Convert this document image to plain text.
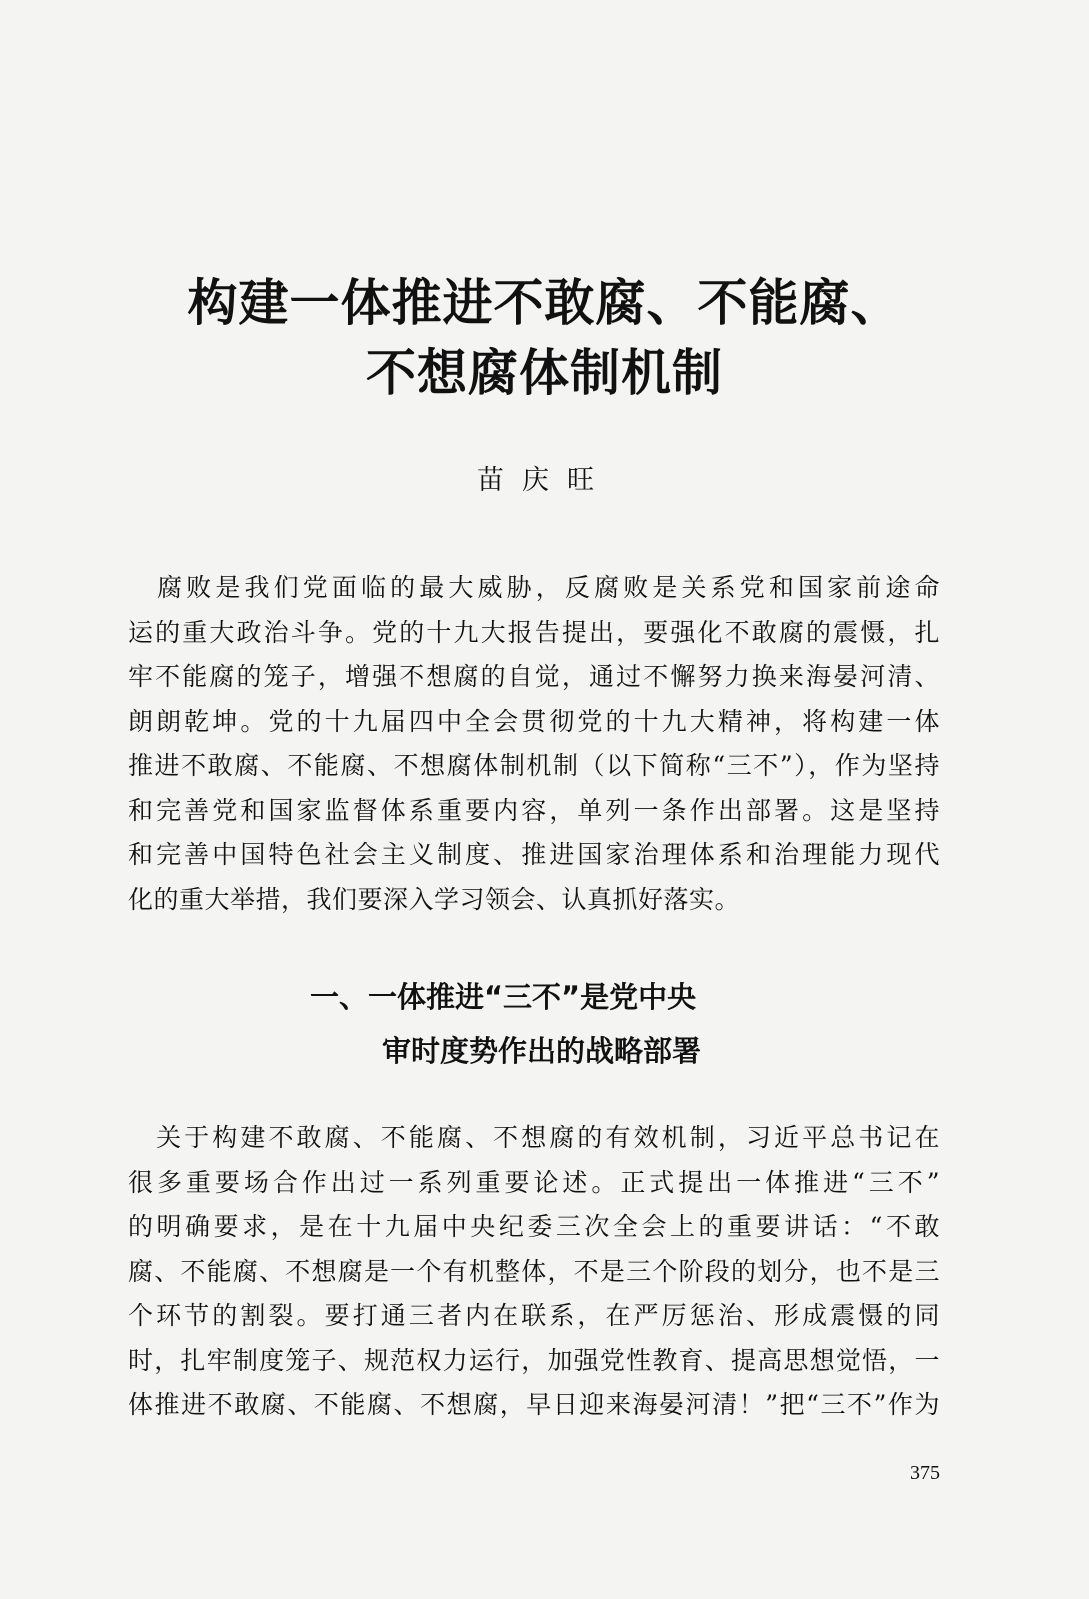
构建一体推进不敢腐、不能腐、
不想腐体制机制
苗庆旺
　腐败是我们党面临的最大威胁，反腐败是关系党和国家前途命
运的重大政治斗争。党的十九大报告提出，要强化不敢腐的震慑，扎
牢不能腐的笼子，增强不想腐的自觉，通过不懈努力换来海晏河清、
朗朗乾坤。党的十九届四中全会贯彻党的十九大精神，将构建一体
推进不敢腐、不能腐、不想腐体制机制（以下简称“三不”），作为坚持
和完善党和国家监督体系重要内容，单列一条作出部署。这是坚持
和完善中国特色社会主义制度、推进国家治理体系和治理能力现代
化的重大举措，我们要深入学习领会、认真抓好落实。
一、一体推进“三不”是党中央
审时度势作出的战略部署
　关于构建不敢腐、不能腐、不想腐的有效机制，习近平总书记在
很多重要场合作出过一系列重要论述。正式提出一体推进“三不”
的明确要求，是在十九届中央纪委三次全会上的重要讲话：“不敢
腐、不能腐、不想腐是一个有机整体，不是三个阶段的划分，也不是三
个环节的割裂。要打通三者内在联系，在严厉惩治、形成震慑的同
时，扎牢制度笼子、规范权力运行，加强党性教育、提高思想觉悟，一
体推进不敢腐、不能腐、不想腐，早日迎来海晏河清！”把“三不”作为
375
